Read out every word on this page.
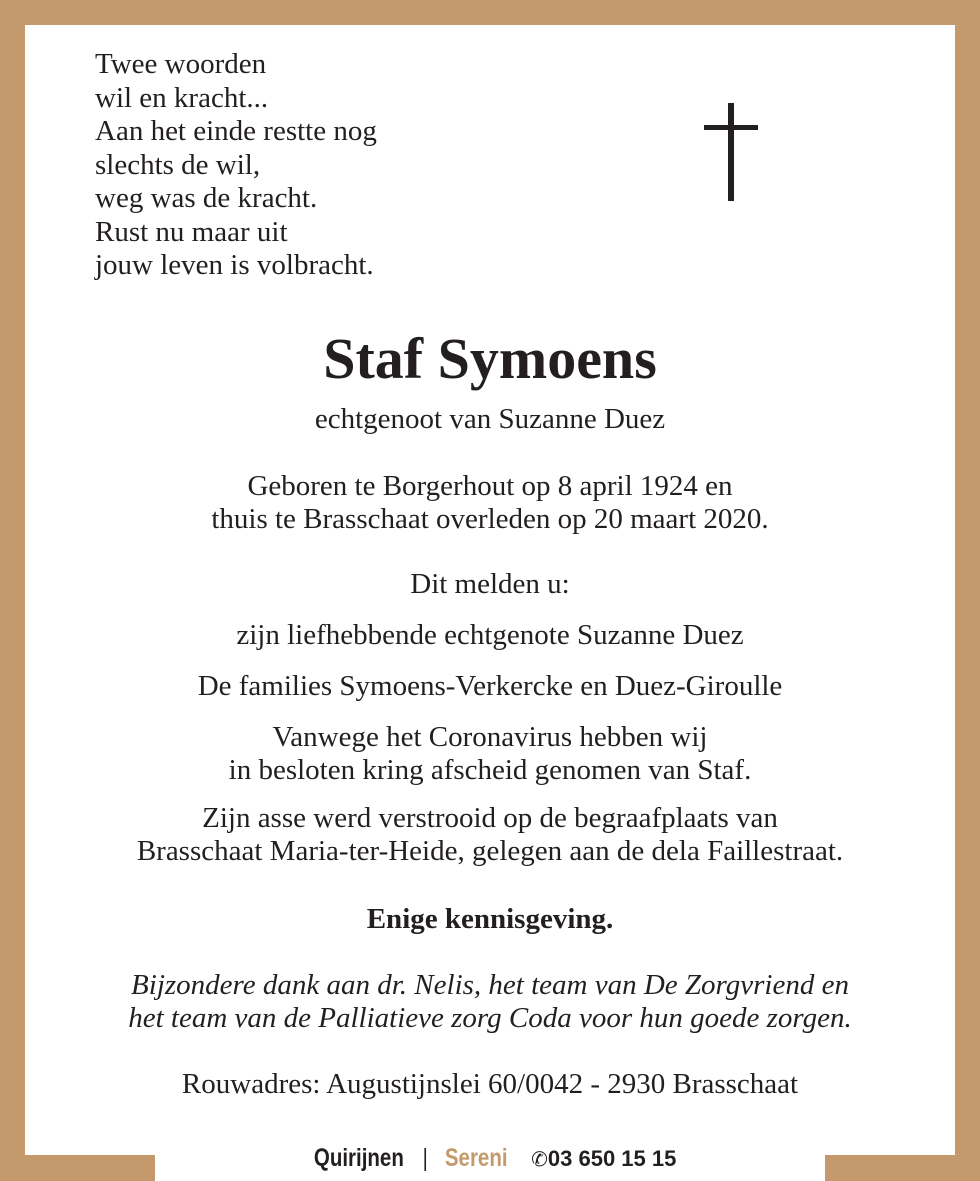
Twee woorden
wil en kracht...
Aan het einde restte nog
slechts de wil,
weg was de kracht.
Rust nu maar uit
jouw leven is volbracht.
Staf Symoens

echtgenoot van Suzanne Duez

Geboren te Borgerhout op 8 april 1924 en
thuis te Brasschaat overleden op 20 maart 2020.

Dit melden u:

zijn liefhebbende echtgenote Suzanne Duez

De families Symoens-Verkercke en Duez-Giroulle

Vanwege het Coronavirus hebben wij
in besloten kring afscheid genomen van Staf.

Zijn asse werd verstrooid op de begraafplaats van
Brasschaat Maria-ter-Heide, gelegen aan de dela Faillestraat.

Enige kennisgeving.

Bijzondere dank aan dr. Nelis, het team van De Zorgvriend en
het team van de Palliatieve zorg Coda voor hun goede zorgen.

Rouwadres: Augustijnslei 60/0042 - 2930 Brasschaat

Quirijnen | Sereni ✆03 650 15 15
